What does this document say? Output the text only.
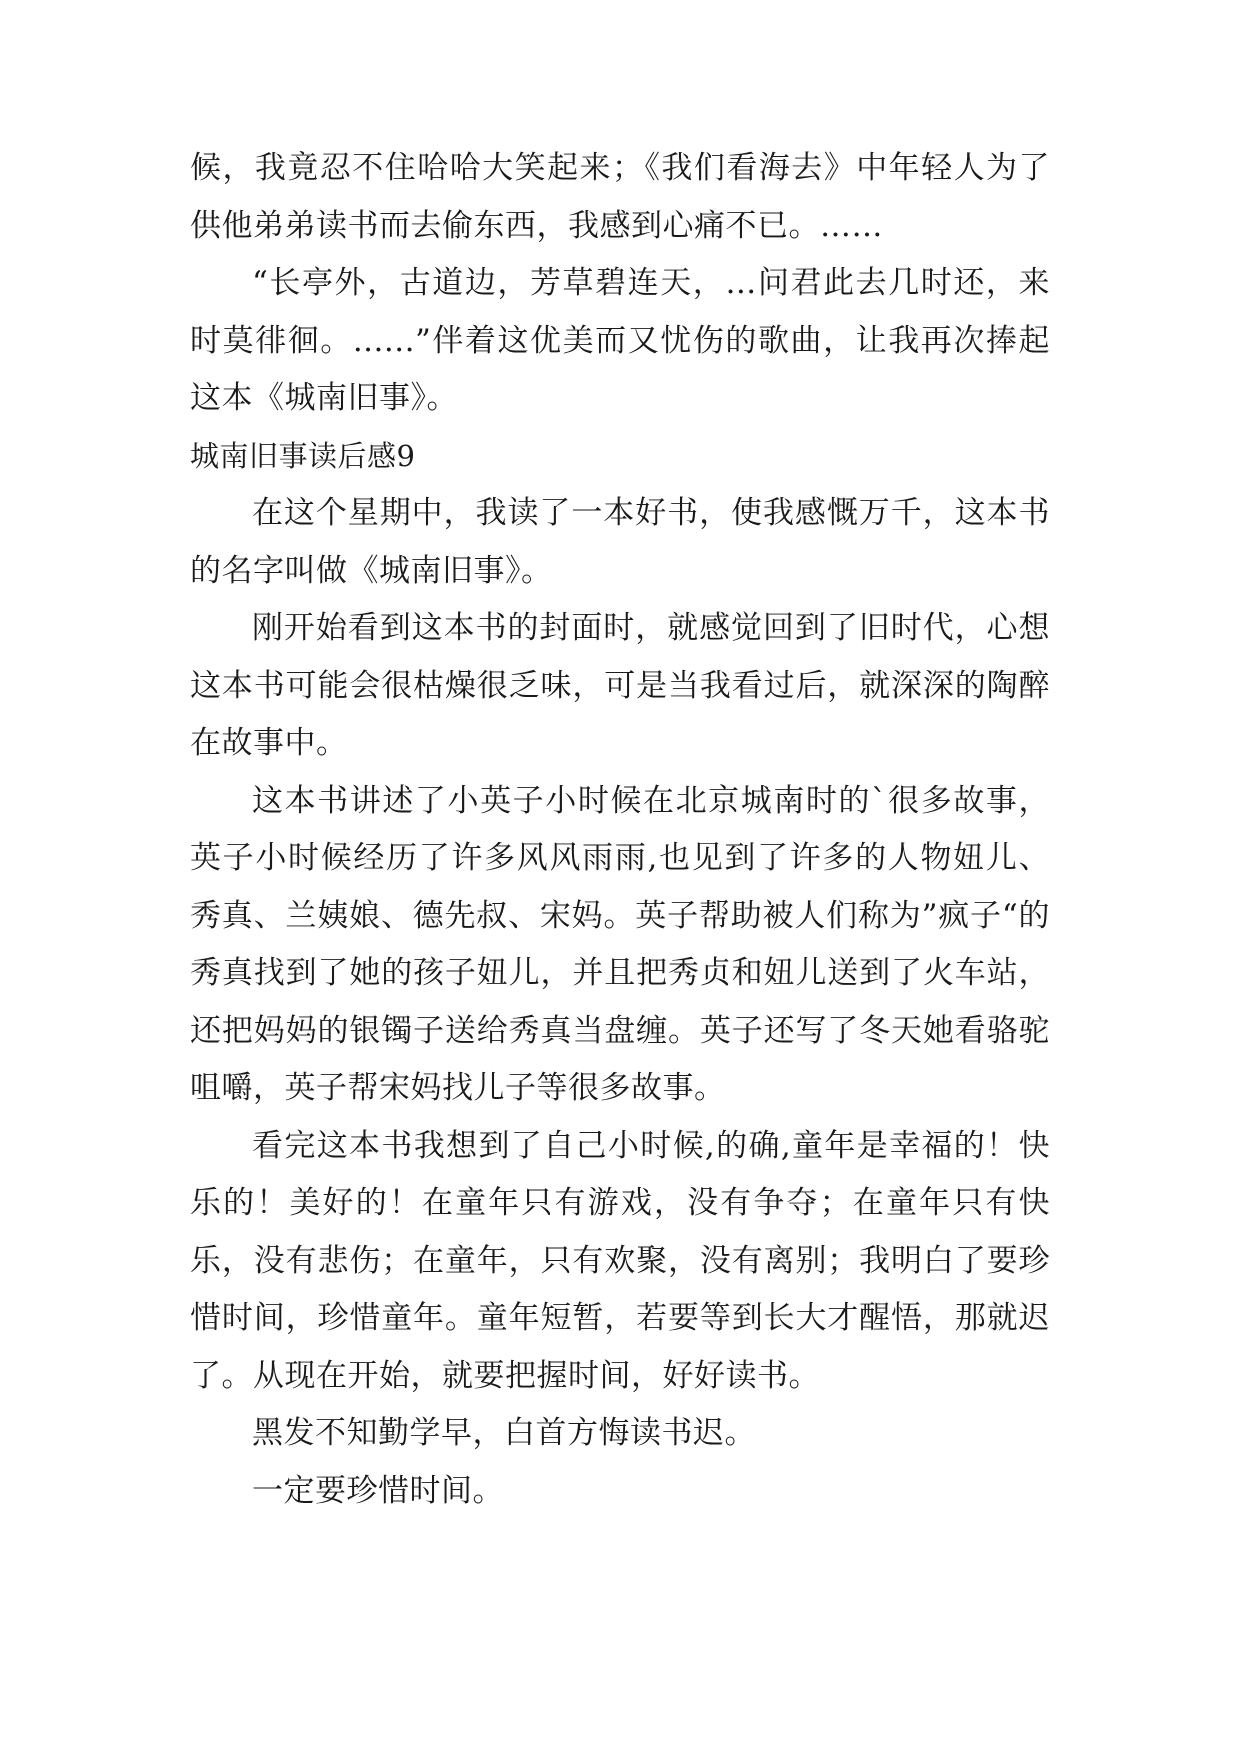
候，我竟忍不住哈哈大笑起来；《我们看海去》中年轻人为了供他弟弟读书而去偷东西，我感到心痛不已。……

“长亭外，古道边，芳草碧连天，…问君此去几时还，来时莫徘徊。......”伴着这优美而又忧伤的歌曲，让我再次捧起这本《城南旧事》。

城南旧事读后感9

在这个星期中，我读了一本好书，使我感慨万千，这本书的名字叫做《城南旧事》。

刚开始看到这本书的封面时，就感觉回到了旧时代，心想这本书可能会很枯燥很乏味，可是当我看过后，就深深的陶醉在故事中。

这本书讲述了小英子小时候在北京城南时的`很多故事，英子小时候经历了许多风风雨雨,也见到了许多的人物妞儿、秀真、兰姨娘、德先叔、宋妈。英子帮助被人们称为”疯子“的秀真找到了她的孩子妞儿，并且把秀贞和妞儿送到了火车站，还把妈妈的银镯子送给秀真当盘缠。英子还写了冬天她看骆驼咀嚼，英子帮宋妈找儿子等很多故事。

看完这本书我想到了自己小时候,的确,童年是幸福的！快乐的！美好的！在童年只有游戏，没有争夺；在童年只有快乐，没有悲伤；在童年，只有欢聚，没有离别；我明白了要珍惜时间，珍惜童年。童年短暂，若要等到长大才醒悟，那就迟了。从现在开始，就要把握时间，好好读书。

黑发不知勤学早，白首方悔读书迟。

一定要珍惜时间。
